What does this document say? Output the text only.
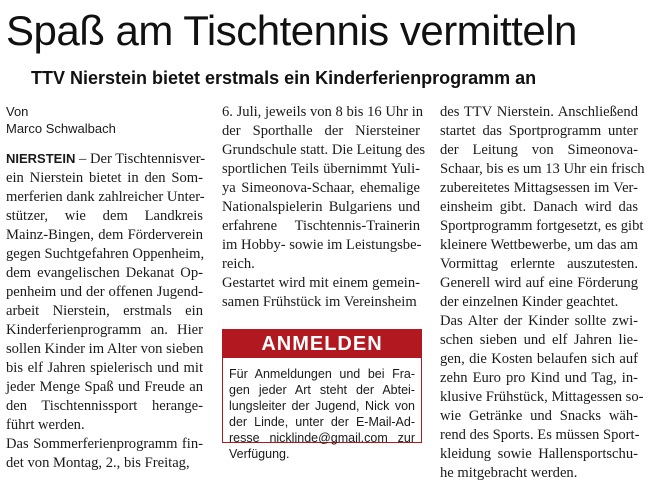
Spaß am Tischtennis vermitteln
TTV Nierstein bietet erstmals ein Kinderferienprogramm an
Von
Marco Schwalbach
NIERSTEIN – Der Tischtennisver-
ein Nierstein bietet in den Som-
merferien dank zahlreicher Unter-
stützer, wie dem Landkreis
Mainz-Bingen, dem Förderverein
gegen Suchtgefahren Oppenheim,
dem evangelischen Dekanat Op-
penheim und der offenen Jugend-
arbeit Nierstein, erstmals ein
Kinderferienprogramm an. Hier
sollen Kinder im Alter von sieben
bis elf Jahren spielerisch und mit
jeder Menge Spaß und Freude an
den Tischtennissport herange-
führt werden.
Das Sommerferienprogramm fin-
det von Montag, 2., bis Freitag,
6. Juli, jeweils von 8 bis 16 Uhr in
der Sporthalle der Niersteiner
Grundschule statt. Die Leitung des
sportlichen Teils übernimmt Yuli-
ya Simeonova-Schaar, ehemalige
Nationalspielerin Bulgariens und
erfahrene Tischtennis-Trainerin
im Hobby- sowie im Leistungsbe-
reich.
Gestartet wird mit einem gemein-
samen Frühstück im Vereinsheim
ANMELDEN
Für Anmeldungen und bei Fra-
gen jeder Art steht der Abtei-
lungsleiter der Jugend, Nick von
der Linde, unter der E-Mail-Ad-
resse nicklinde@gmail.com zur
Verfügung.
des TTV Nierstein. Anschließend
startet das Sportprogramm unter
der Leitung von Simeonova-
Schaar, bis es um 13 Uhr ein frisch
zubereitetes Mittagsessen im Ver-
einsheim gibt. Danach wird das
Sportprogramm fortgesetzt, es gibt
kleinere Wettbewerbe, um das am
Vormittag erlernte auszutesten.
Generell wird auf eine Förderung
der einzelnen Kinder geachtet.
Das Alter der Kinder sollte zwi-
schen sieben und elf Jahren lie-
gen, die Kosten belaufen sich auf
zehn Euro pro Kind und Tag, in-
klusive Frühstück, Mittagessen so-
wie Getränke und Snacks wäh-
rend des Sports. Es müssen Sport-
kleidung sowie Hallensportschu-
he mitgebracht werden.
